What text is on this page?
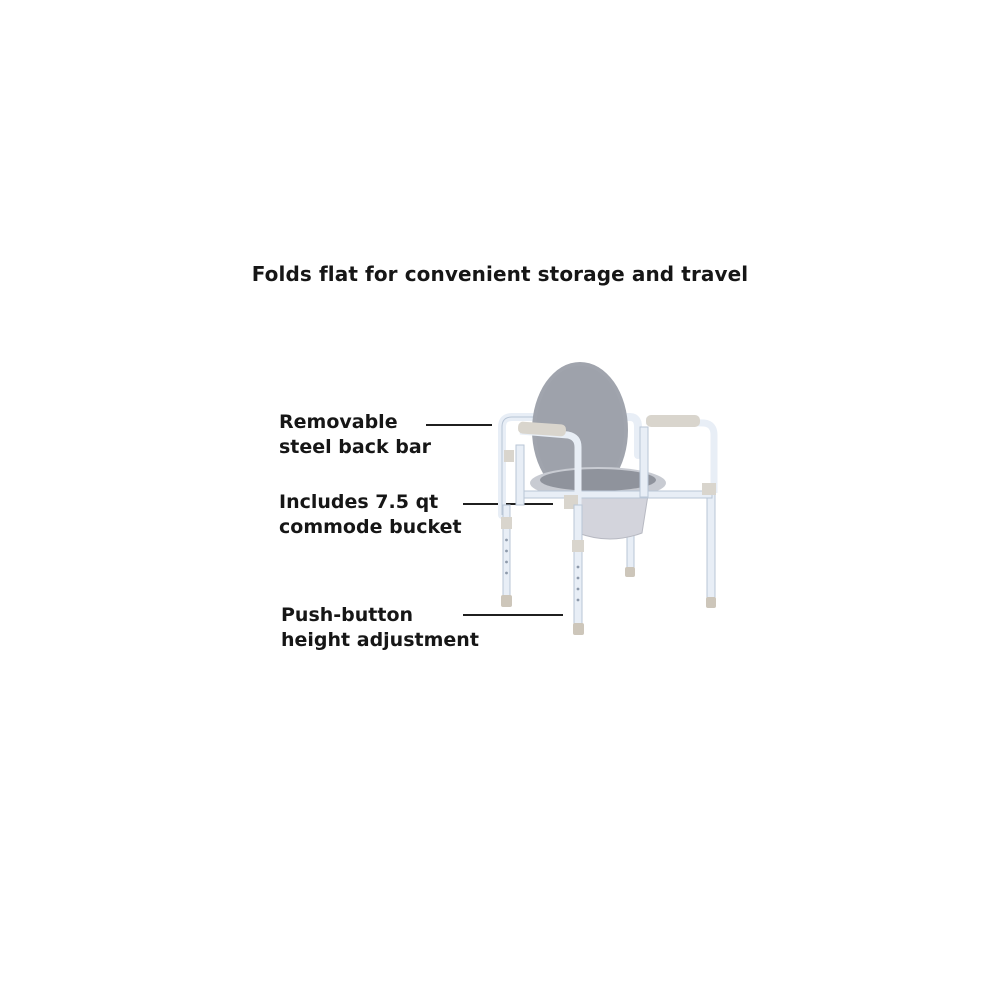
Folds flat for convenient storage and travel
Removable
steel back bar
Includes 7.5 qt
commode bucket
Push-button
height adjustment
